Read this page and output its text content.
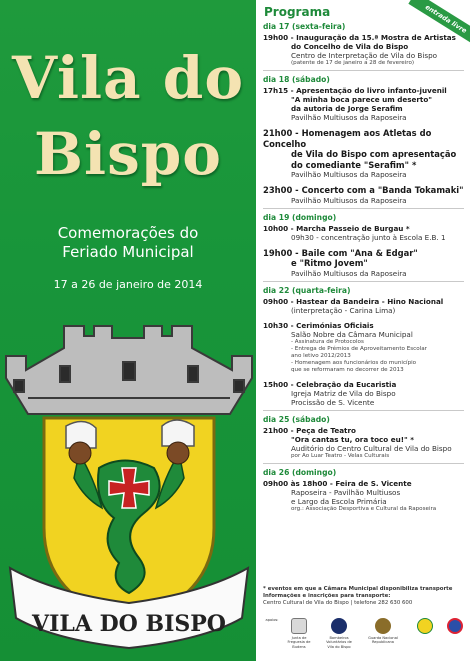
Vila do
Bispo
Comemorações do
Feriado Municipal
17 a 26 de janeiro de 2014
VILA DO BISPO
entrada livre
Programa
dia 17 (sexta-feira)
19h00 - Inauguração da 15.ª Mostra de Artistas
do Concelho de Vila do Bispo
Centro de Interpretação de Vila do Bispo
(patente de 17 de janeiro a 28 de fevereiro)
dia 18 (sábado)
17h15 - Apresentação do livro infanto-juvenil
"A minha boca parece um deserto"
da autoria de Jorge Serafim
Pavilhão Multiusos da Raposeira
21h00 - Homenagem aos Atletas do Concelho
de Vila do Bispo com apresentação
do comediante "Serafim" *
Pavilhão Multiusos da Raposeira
23h00 - Concerto com a "Banda Tokamaki"
Pavilhão Multiusos da Raposeira
dia 19 (domingo)
10h00 - Marcha Passeio de Burgau *
09h30 - concentração junto à Escola E.B. 1
19h00 - Baile com "Ana & Edgar"
e "Ritmo Jovem"
Pavilhão Multiusos da Raposeira
dia 22 (quarta-feira)
09h00 - Hastear da Bandeira - Hino Nacional
(interpretação - Carina Lima)
10h30 - Cerimónias Oficiais
Salão Nobre da Câmara Municipal
- Assinatura de Protocolos
- Entrega de Prémios de Aproveitamento Escolar
ano letivo 2012/2013
- Homenagem aos funcionários do município
que se reformaram no decorrer de 2013
15h00 - Celebração da Eucaristia
Igreja Matriz de Vila do Bispo
Procissão de S. Vicente
dia 25 (sábado)
21h00 - Peça de Teatro
"Ora cantas tu, ora toco eu!" *
Auditório do Centro Cultural de Vila do Bispo
por Ao Luar Teatro - Velas Culturais
dia 26 (domingo)
09h00 às 18h00 - Feira de S. Vicente
Raposeira - Pavilhão Multiusos
e Largo da Escola Primária
org.: Associação Desportiva e Cultural da Raposeira
* eventos em que a Câmara Municipal disponibiliza transporte
Informações e inscrições para transporte:
Centro Cultural de Vila do Bispo | telefone 282 630 600
apoios:
Junta de Freguesia de Budens
Bombeiros Voluntários de Vila do Bispo
Guarda Nacional Republicana
